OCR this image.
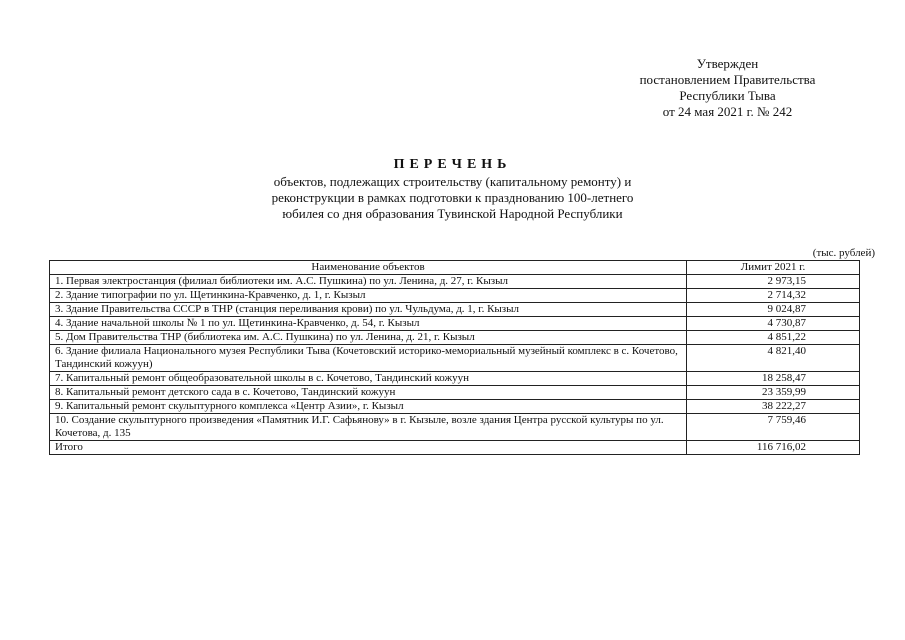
Утвержден
постановлением Правительства
Республики Тыва
от 24 мая 2021 г. № 242
ПЕРЕЧЕНЬ
объектов, подлежащих строительству (капитальному ремонту) и
реконструкции в рамках подготовки к празднованию 100-летнего
юбилея со дня образования Тувинской Народной Республики
(тыс. рублей)
Наименование объектов	Лимит 2021 г.
1. Первая электростанция (филиал библиотеки им. А.С. Пушкина) по ул. Ленина, д. 27, г. Кызыл	2 973,15
2. Здание типографии по ул. Щетинкина-Кравченко, д. 1, г. Кызыл	2 714,32
3. Здание Правительства СССР в ТНР (станция переливания крови) по ул. Чульдума, д. 1, г. Кызыл	9 024,87
4. Здание начальной школы № 1 по ул. Щетинкина-Кравченко, д. 54, г. Кызыл	4 730,87
5. Дом Правительства ТНР (библиотека им. А.С. Пушкина) по ул. Ленина, д. 21, г. Кызыл	4 851,22
6. Здание филиала Национального музея Республики Тыва (Кочетовский историко-мемориальный музейный комплекс в с. Кочетово, Тандинский кожуун)	4 821,40
7. Капитальный ремонт общеобразовательной школы в с. Кочетово, Тандинский кожуун	18 258,47
8. Капитальный ремонт детского сада в с. Кочетово, Тандинский кожуун	23 359,99
9. Капитальный ремонт скульптурного комплекса «Центр Азии», г. Кызыл	38 222,27
10. Создание скульптурного произведения «Памятник И.Г. Сафьянову» в г. Кызыле, возле здания Центра русской культуры по ул. Кочетова, д. 135	7 759,46
Итого	116 716,02
